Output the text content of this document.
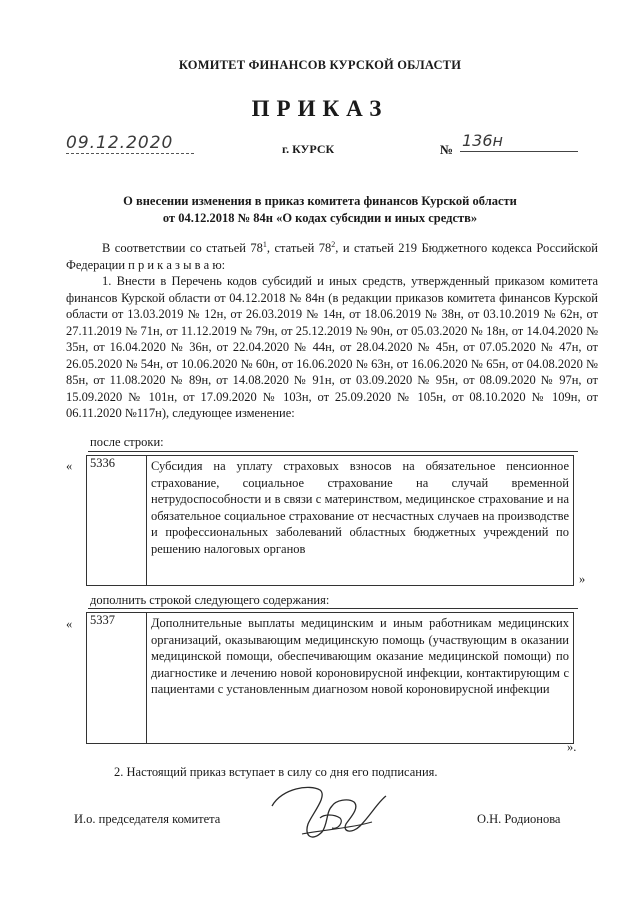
КОМИТЕТ ФИНАНСОВ КУРСКОЙ ОБЛАСТИ
ПРИКАЗ
09.12.2020	г. КУРСК	№ 136н
О внесении изменения в приказ комитета финансов Курской области
от 04.12.2018 № 84н «О кодах субсидии и иных средств»
В соответствии со статьей $78^1$, статьей $78^2$, и статьей 219 Бюджетного кодекса Российской Федерации п р и к а з ы в а ю:
1. Внести в Перечень кодов субсидий и иных средств, утвержденный приказом комитета финансов Курской области от 04.12.2018 № 84н (в редакции приказов комитета финансов Курской области от 13.03.2019 № 12н, от 26.03.2019 № 14н, от 18.06.2019 № 38н, от 03.10.2019 № 62н, от 27.11.2019 № 71н, от 11.12.2019 № 79н, от 25.12.2019 № 90н, от 05.03.2020 № 18н, от 14.04.2020 № 35н, от 16.04.2020 № 36н, от 22.04.2020 № 44н, от 28.04.2020 № 45н, от 07.05.2020 № 47н, от 26.05.2020 № 54н, от 10.06.2020 № 60н, от 16.06.2020 № 63н, от 16.06.2020 № 65н, от 04.08.2020 № 85н, от 11.08.2020 № 89н, от 14.08.2020 № 91н, от 03.09.2020 № 95н, от 08.09.2020 № 97н, от 15.09.2020 № 101н, от 17.09.2020 № 103н, от 25.09.2020 № 105н, от 08.10.2020 № 109н, от 06.11.2020 №117н), следующее изменение:
после строки:
«	5336	Субсидия на уплату страховых взносов на обязательное пенсионное страхование, социальное страхование на случай временной нетрудоспособности и в связи с материнством, медицинское страхование и на обязательное социальное страхование от несчастных случаев на производстве и профессиональных заболеваний областных бюджетных учреждений по решению налоговых органов
»
дополнить строкой следующего содержания:
«	5337	Дополнительные выплаты медицинским и иным работникам медицинских организаций, оказывающим медицинскую помощь (участвующим в оказании медицинской помощи, обеспечивающим оказание медицинской помощи) по диагностике и лечению новой короновирусной инфекции, контактирующим с пациентами с установленным диагнозом новой короновирусной инфекции
».
2. Настоящий приказ вступает в силу со дня его подписания.
И.о. председателя комитета	О.Н. Родионова
